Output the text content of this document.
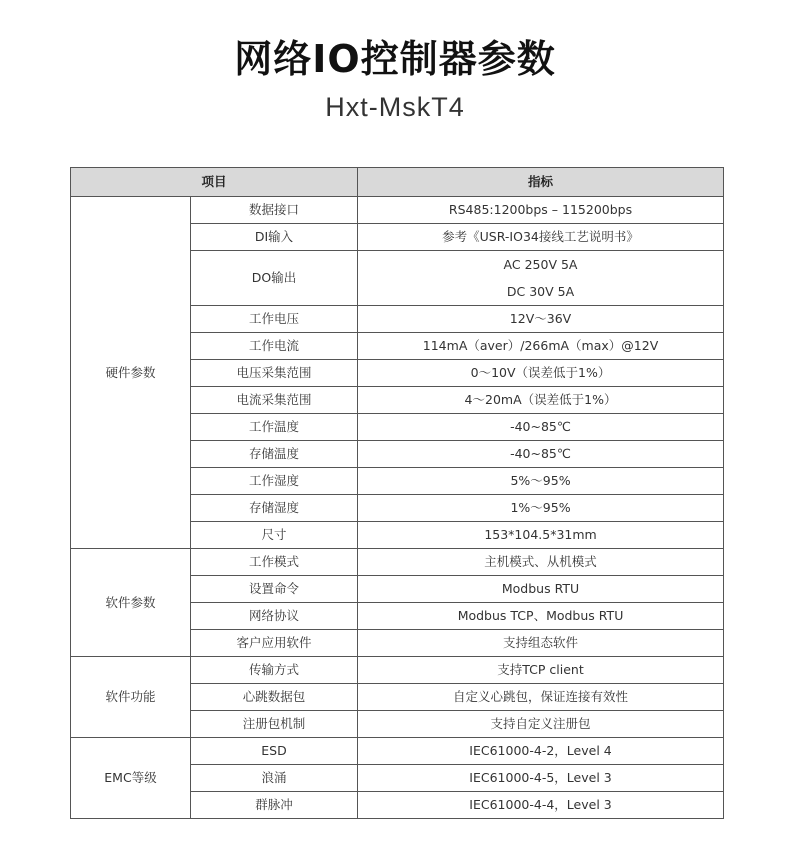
网络IO控制器参数
Hxt-MskT4
项目		指标
硬件参数	数据接口	RS485:1200bps – 115200bps
	DI输入	参考《USR-IO34接线工艺说明书》
	DO输出	AC 250V 5A
DC 30V 5A

	工作电压	12V～36V
	工作电流	114mA（aver）/266mA（max）@12V
	电压采集范围	0～10V（误差低于1%）
	电流采集范围	4～20mA（误差低于1%）
	工作温度	-40~85℃
	存储温度	-40~85℃
	工作湿度	5%～95%
	存储湿度	1%～95%
	尺寸	153*104.5*31mm
软件参数	工作模式	主机模式、从机模式
	设置命令	Modbus RTU
	网络协议	Modbus TCP、Modbus RTU
	客户应用软件	支持组态软件
软件功能	传输方式	支持TCP client
	心跳数据包	自定义心跳包，保证连接有效性
	注册包机制	支持自定义注册包
EMC等级	ESD	IEC61000-4-2，Level 4
	浪涌	IEC61000-4-5，Level 3
	群脉冲	IEC61000-4-4，Level 3
